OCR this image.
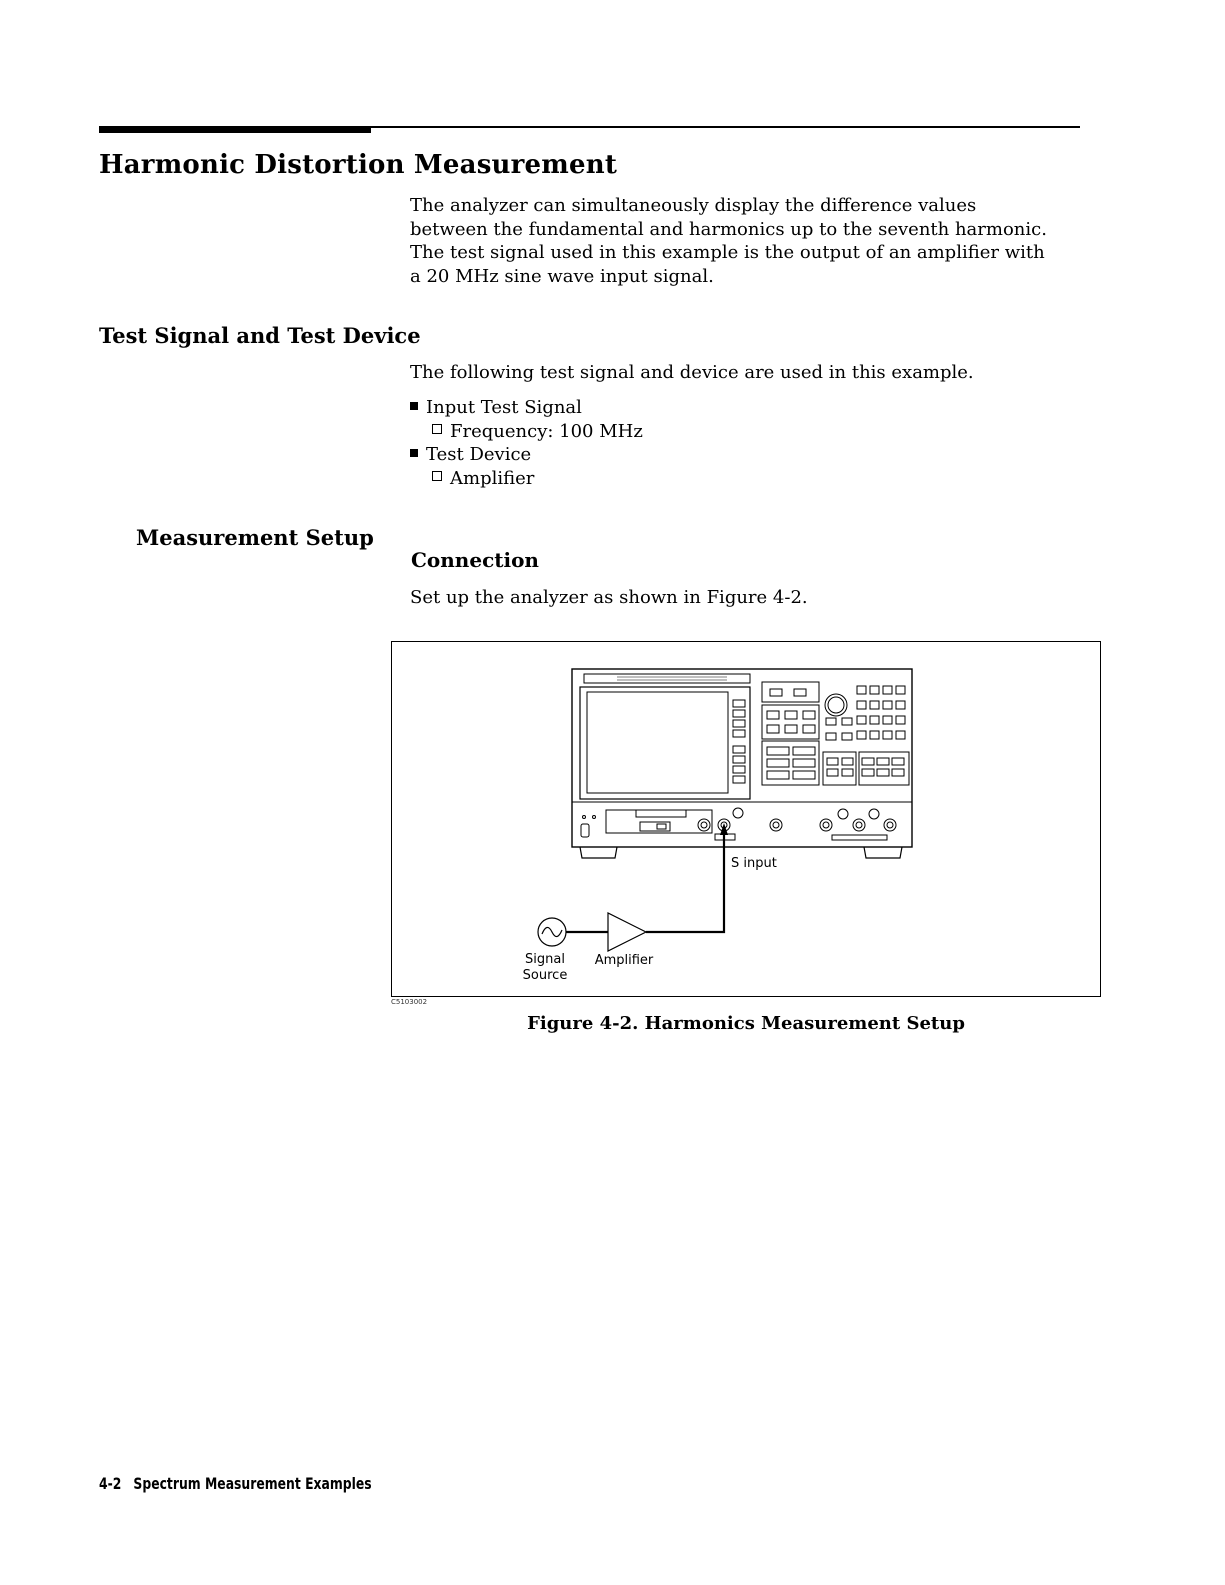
Harmonic Distortion Measurement
The analyzer can simultaneously display the difference values
between the fundamental and harmonics up to the seventh harmonic.
The test signal used in this example is the output of an amplifier with
a 20 MHz sine wave input signal.
Test Signal and Test Device

The following test signal and device are used in this example.

Input Test Signal
Frequency: 100 MHz
Test Device
Amplifier
Measurement Setup
Connection

Set up the analyzer as shown in Figure 4-2.

S input
Signal
Source
Amplifier
C5103002
Figure 4-2. Harmonics Measurement Setup
4-2 Spectrum Measurement Examples
